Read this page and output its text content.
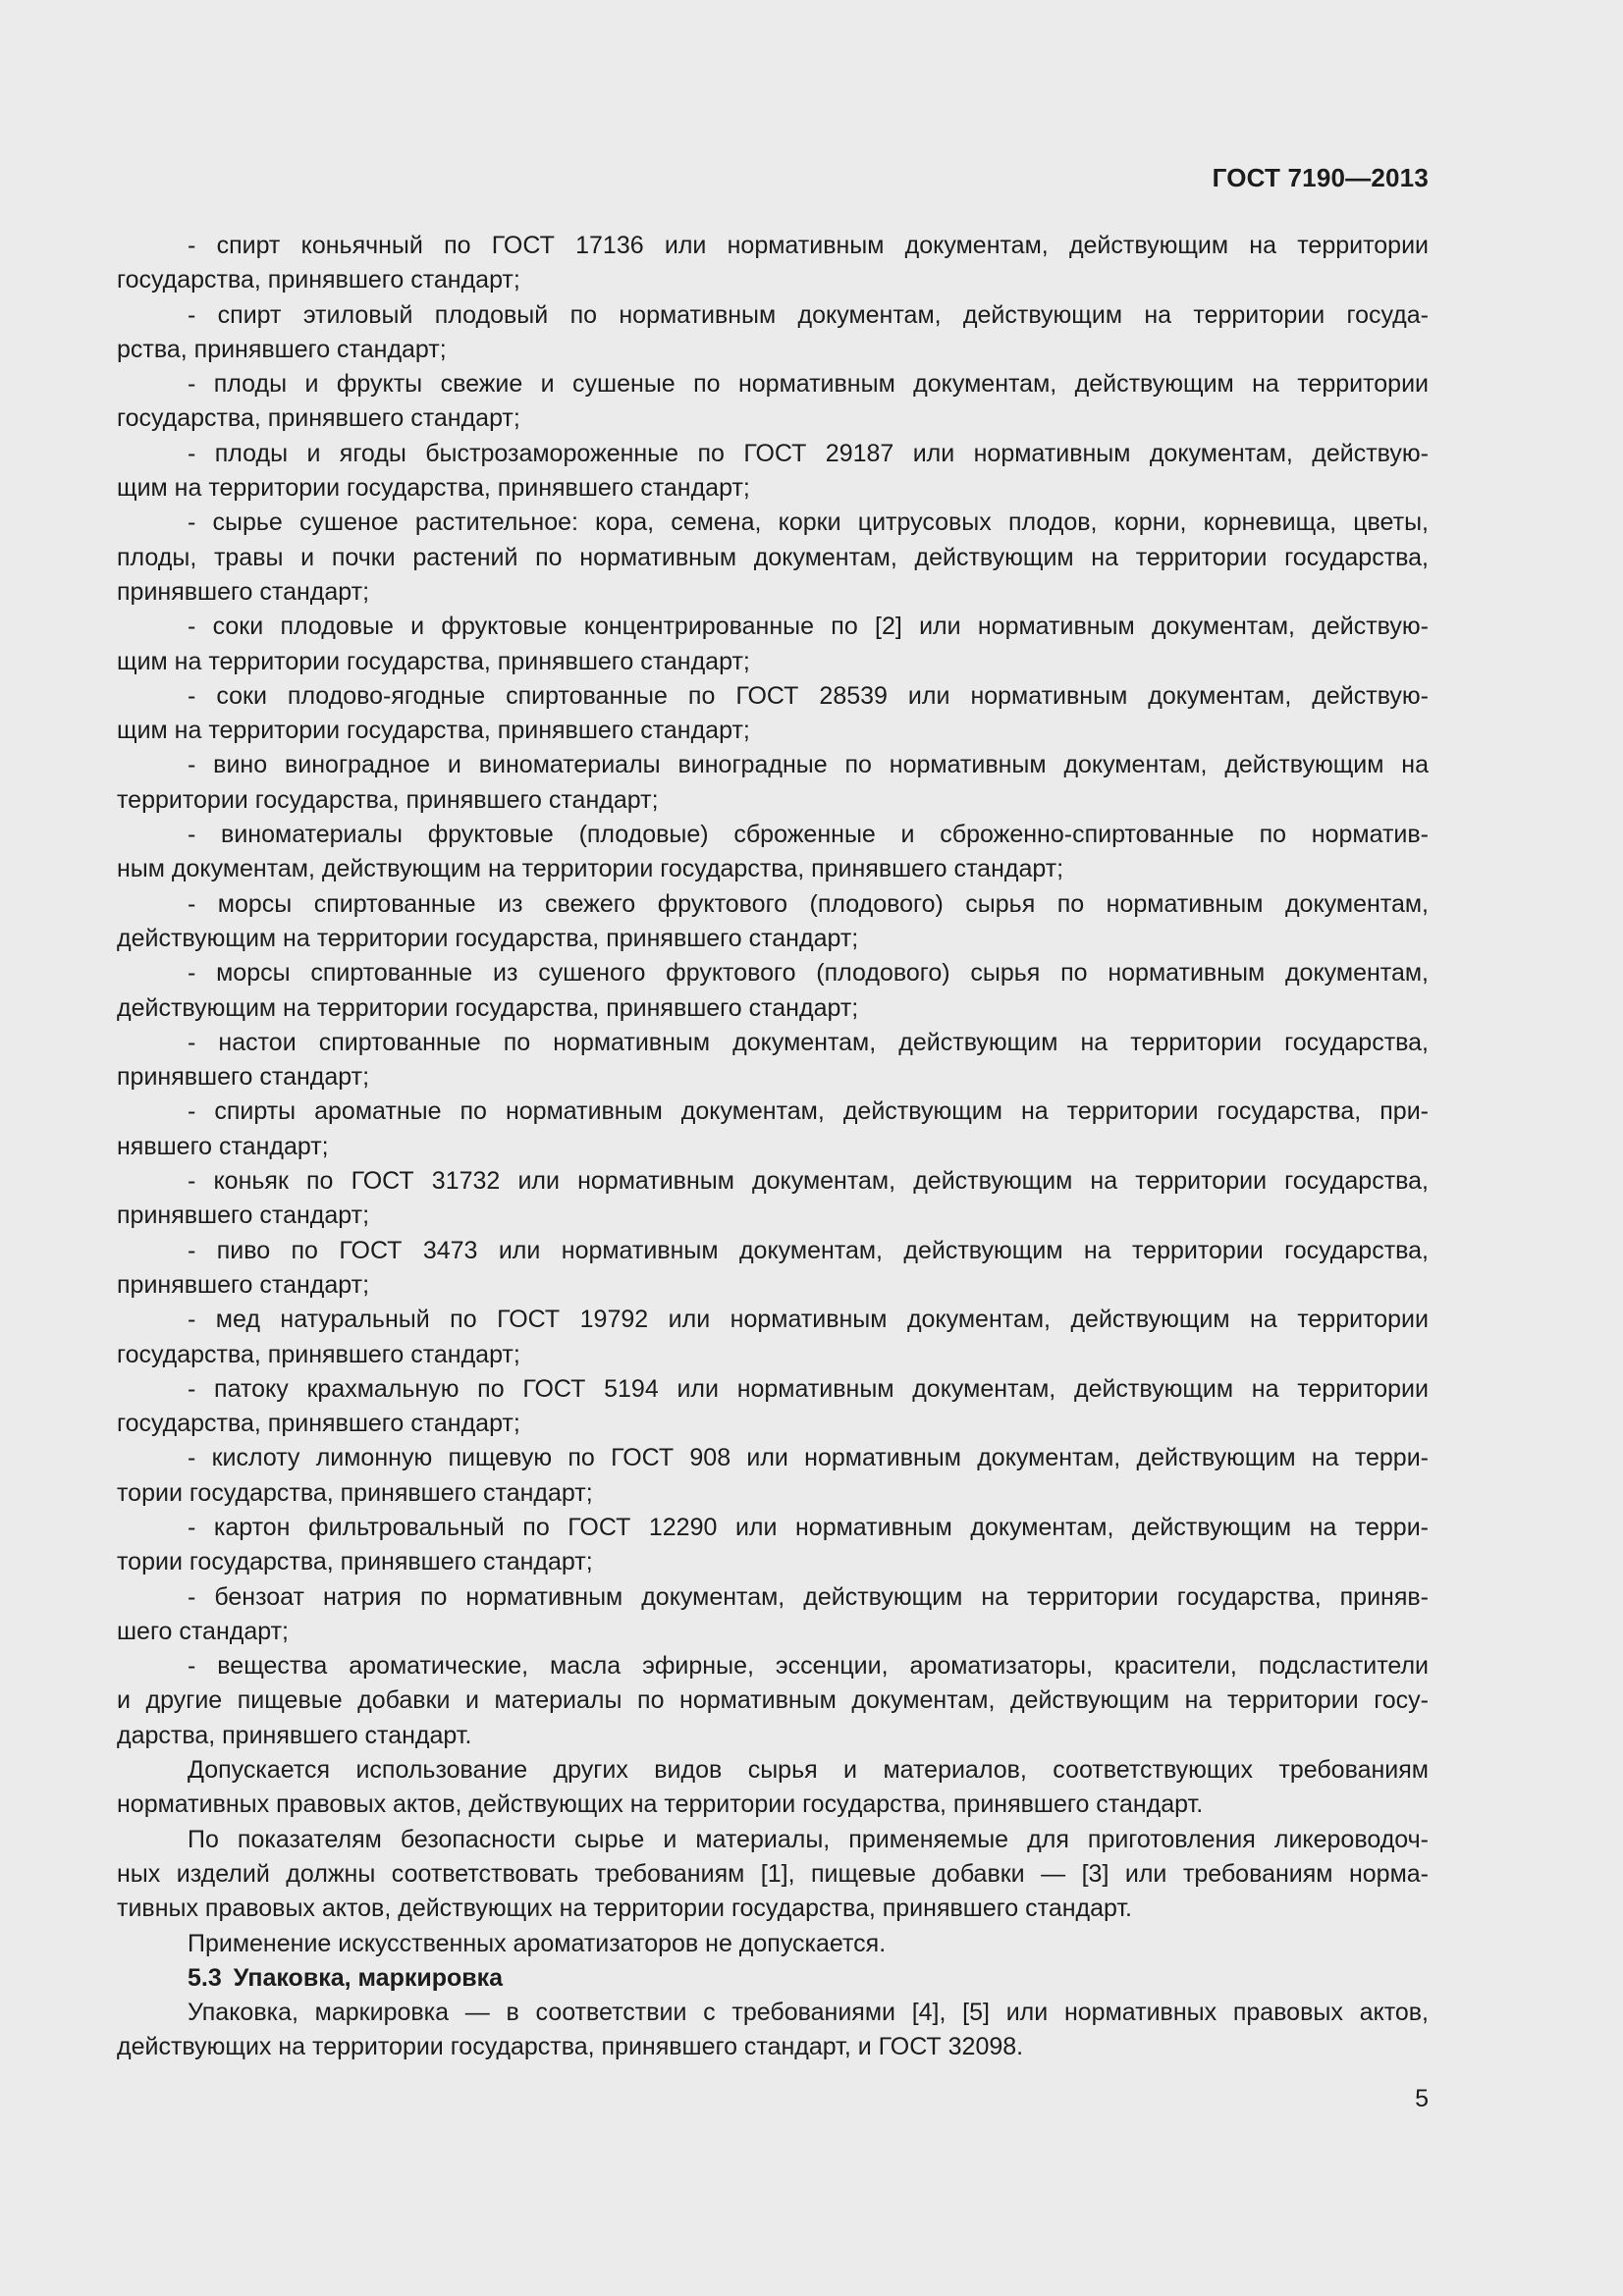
ГОСТ 7190—2013
- спирт коньячный по ГОСТ 17136 или нормативным документам, действующим на территории
государства, принявшего стандарт;
- спирт этиловый плодовый по нормативным документам, действующим на территории госуда-
рства, принявшего стандарт;
- плоды и фрукты свежие и сушеные по нормативным документам, действующим на территории
государства, принявшего стандарт;
- плоды и ягоды быстрозамороженные по ГОСТ 29187 или нормативным документам, действую-
щим на территории государства, принявшего стандарт;
- сырье сушеное растительное: кора, семена, корки цитрусовых плодов, корни, корневища, цветы,
плоды, травы и почки растений по нормативным документам, действующим на территории государства,
принявшего стандарт;
- соки плодовые и фруктовые концентрированные по [2] или нормативным документам, действую-
щим на территории государства, принявшего стандарт;
- соки плодово-ягодные спиртованные по ГОСТ 28539 или нормативным документам, действую-
щим на территории государства, принявшего стандарт;
- вино виноградное и виноматериалы виноградные по нормативным документам, действующим на
территории государства, принявшего стандарт;
- виноматериалы фруктовые (плодовые) сброженные и сброженно-спиртованные по норматив-
ным документам, действующим на территории государства, принявшего стандарт;
- морсы спиртованные из свежего фруктового (плодового) сырья по нормативным документам,
действующим на территории государства, принявшего стандарт;
- морсы спиртованные из сушеного фруктового (плодового) сырья по нормативным документам,
действующим на территории государства, принявшего стандарт;
- настои спиртованные по нормативным документам, действующим на территории государства,
принявшего стандарт;
- спирты ароматные по нормативным документам, действующим на территории государства, при-
нявшего стандарт;
- коньяк по ГОСТ 31732 или нормативным документам, действующим на территории государства,
принявшего стандарт;
- пиво по ГОСТ 3473 или нормативным документам, действующим на территории государства,
принявшего стандарт;
- мед натуральный по ГОСТ 19792 или нормативным документам, действующим на территории
государства, принявшего стандарт;
- патоку крахмальную по ГОСТ 5194 или нормативным документам, действующим на территории
государства, принявшего стандарт;
- кислоту лимонную пищевую по ГОСТ 908 или нормативным документам, действующим на терри-
тории государства, принявшего стандарт;
- картон фильтровальный по ГОСТ 12290 или нормативным документам, действующим на терри-
тории государства, принявшего стандарт;
- бензоат натрия по нормативным документам, действующим на территории государства, приняв-
шего стандарт;
- вещества ароматические, масла эфирные, эссенции, ароматизаторы, красители, подсластители
и другие пищевые добавки и материалы по нормативным документам, действующим на территории госу-
дарства, принявшего стандарт.
Допускается использование других видов сырья и материалов, соответствующих требованиям
нормативных правовых актов, действующих на территории государства, принявшего стандарт.
По показателям безопасности сырье и материалы, применяемые для приготовления ликероводоч-
ных изделий должны соответствовать требованиям [1], пищевые добавки — [3] или требованиям норма-
тивных правовых актов, действующих на территории государства, принявшего стандарт.
Применение искусственных ароматизаторов не допускается.
5.3 Упаковка, маркировка
Упаковка, маркировка — в соответствии с требованиями [4], [5] или нормативных правовых актов,
действующих на территории государства, принявшего стандарт, и ГОСТ 32098.
5
